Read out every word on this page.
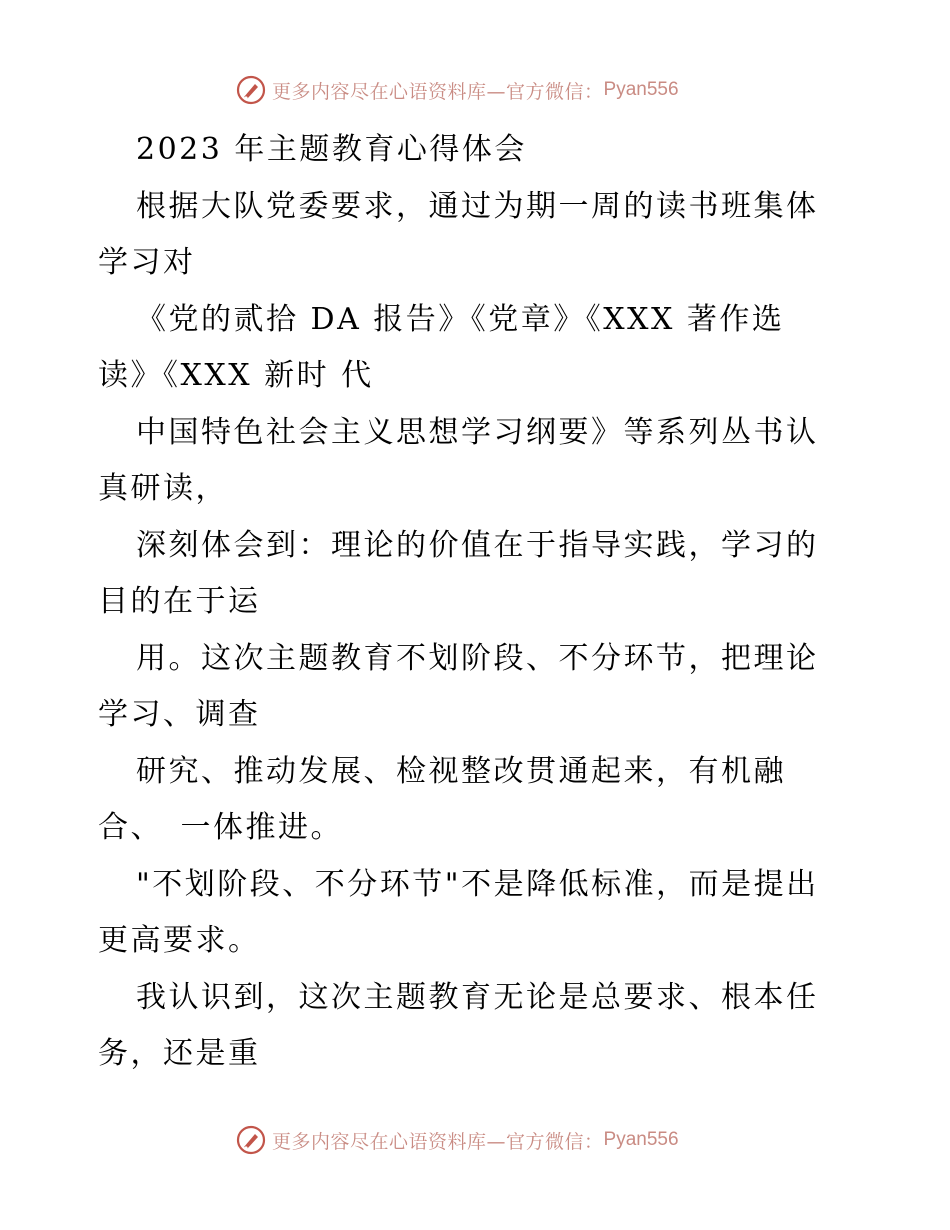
更多内容尽在心语资料库—官方微信： Pyan556
2023 年主题教育心得体会
根据大队党委要求，通过为期一周的读书班集体
学习对
《党的贰拾 DA 报告》《党章》《XXX 著作选
读》《XXX 新时 代
中国特色社会主义思想学习纲要》等系列丛书认
真研读，
深刻体会到：理论的价值在于指导实践，学习的
目的在于运
用。这次主题教育不划阶段、不分环节，把理论
学习、调查
研究、推动发展、检视整改贯通起来，有机融
合、　一体推进。
"不划阶段、不分环节"不是降低标准，而是提出
更高要求。
我认识到，这次主题教育无论是总要求、根本任
务，还是重
更多内容尽在心语资料库—官方微信： Pyan556
